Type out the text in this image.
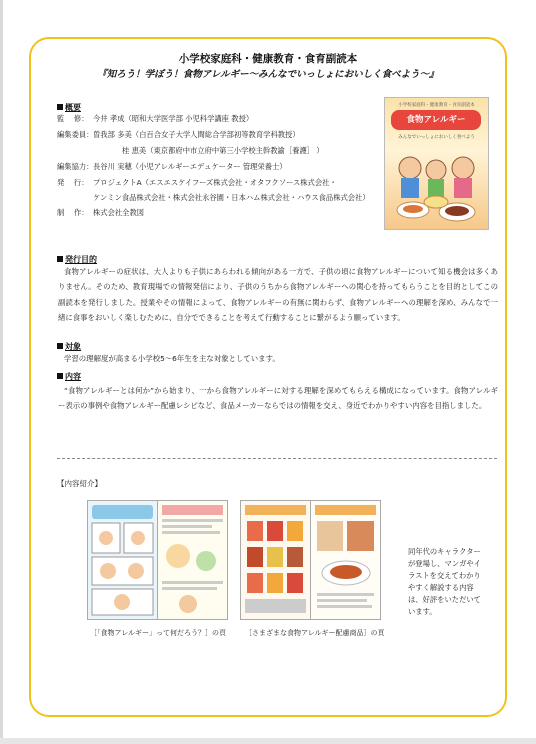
小学校家庭科・健康教育・食育副読本
『知ろう！学ぼう！食物アレルギー～みんなでいっしょにおいしく食べよう～』
概要
監　 修： 今井 孝成（昭和大学医学部 小児科学講座 教授）
編集委員： 曽我部 多美（白百合女子大学人間総合学部初等教育学科教授）
桂 恵美（東京都府中市立府中第三小学校主幹教諭［養護］ ）
編集協力： 長谷川 実穂（小児アレルギーエデュケーター 管理栄養士）
発　 行： プロジェクトA（エスエスケイフーズ株式会社・オタフクソース株式会社・
ケンミン食品株式会社・株式会社永谷園・日本ハム株式会社・ハウス食品株式会社）
制　 作： 株式会社全教図
小学校家庭科・健康教育・食育副読本
食物アレルギー
みんなでいっしょにおいしく食べよう
発行目的
食物アレルギーの症状は、大人よりも子供にあらわれる傾向がある一方で、子供の頃に食物アレルギーについて知る機会は多くありません。そのため、教育現場での情報発信により、子供のうちから食物アレルギーへの関心を持ってもらうことを目的としてこの副読本を発行しました。授業やその情報によって、食物アレルギーの有無に関わらず、食物アレルギーへの理解を深め、みんなで一緒に食事をおいしく楽しむために、自分でできることを考えて行動することに繋がるよう願っています。
対象
学習の理解度が高まる小学校5～6年生を主な対象としています。
内容
“食物アレルギーとは何か”から始まり、一から食物アレルギーに対する理解を深めてもらえる構成になっています。食物アレルギー表示の事例や食物アレルギー配慮レシピなど、食品メーカーならではの情報を交え、身近でわかりやすい内容を目指しました。
【内容紹介】
［「食物アレルギー」って何だろう？］の頁	［さまざまな食物アレルギー配慮商品］の頁
同年代のキャラクターが登場し、マンガやイラストを交えてわかりやすく解説する内容は、好評をいただいています。
